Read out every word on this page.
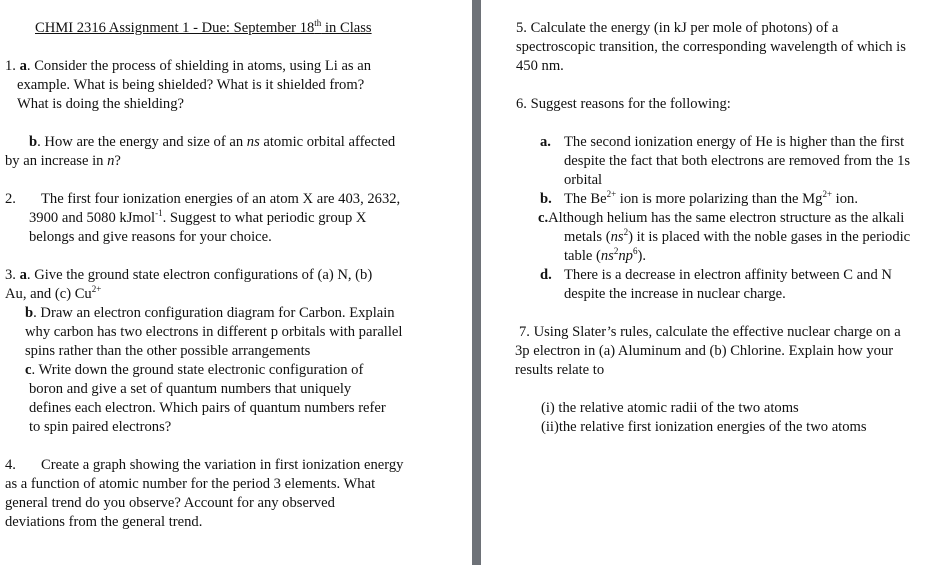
CHMI 2316 Assignment 1 - Due: September 18th in Class
1. a. Consider the process of shielding in atoms, using Li as an
example. What is being shielded? What is it shielded from?
What is doing the shielding?
b. How are the energy and size of an ns atomic orbital affected
by an increase in n?
2. The first four ionization energies of an atom X are 403, 2632,
3900 and 5080 kJmol$^{-1}$. Suggest to what periodic group X
belongs and give reasons for your choice.
3. a. Give the ground state electron configurations of (a) N, (b)
Au, and (c) $Cu^{2+}$
b. Draw an electron configuration diagram for Carbon. Explain
why carbon has two electrons in different p orbitals with parallel
spins rather than the other possible arrangements
c. Write down the ground state electronic configuration of
boron and give a set of quantum numbers that uniquely
defines each electron. Which pairs of quantum numbers refer
to spin paired electrons?
4. Create a graph showing the variation in first ionization energy
as a function of atomic number for the period 3 elements. What
general trend do you observe? Account for any observed
deviations from the general trend.
5. Calculate the energy (in kJ per mole of photons) of a
spectroscopic transition, the corresponding wavelength of which is
450 nm.
6. Suggest reasons for the following:
a. The second ionization energy of He is higher than the first
despite the fact that both electrons are removed from the 1s
orbital
b. The $Be^{2+}$ ion is more polarizing than the $Mg^{2+}$ ion.
c.Although helium has the same electron structure as the alkali
metals $(ns^2)$ it is placed with the noble gases in the periodic
table $(ns^2np^6)$.
d. There is a decrease in electron affinity between C and N
despite the increase in nuclear charge.
7. Using Slater’s rules, calculate the effective nuclear charge on a
3p electron in (a) Aluminum and (b) Chlorine. Explain how your
results relate to
(i) the relative atomic radii of the two atoms
(ii)the relative first ionization energies of the two atoms
